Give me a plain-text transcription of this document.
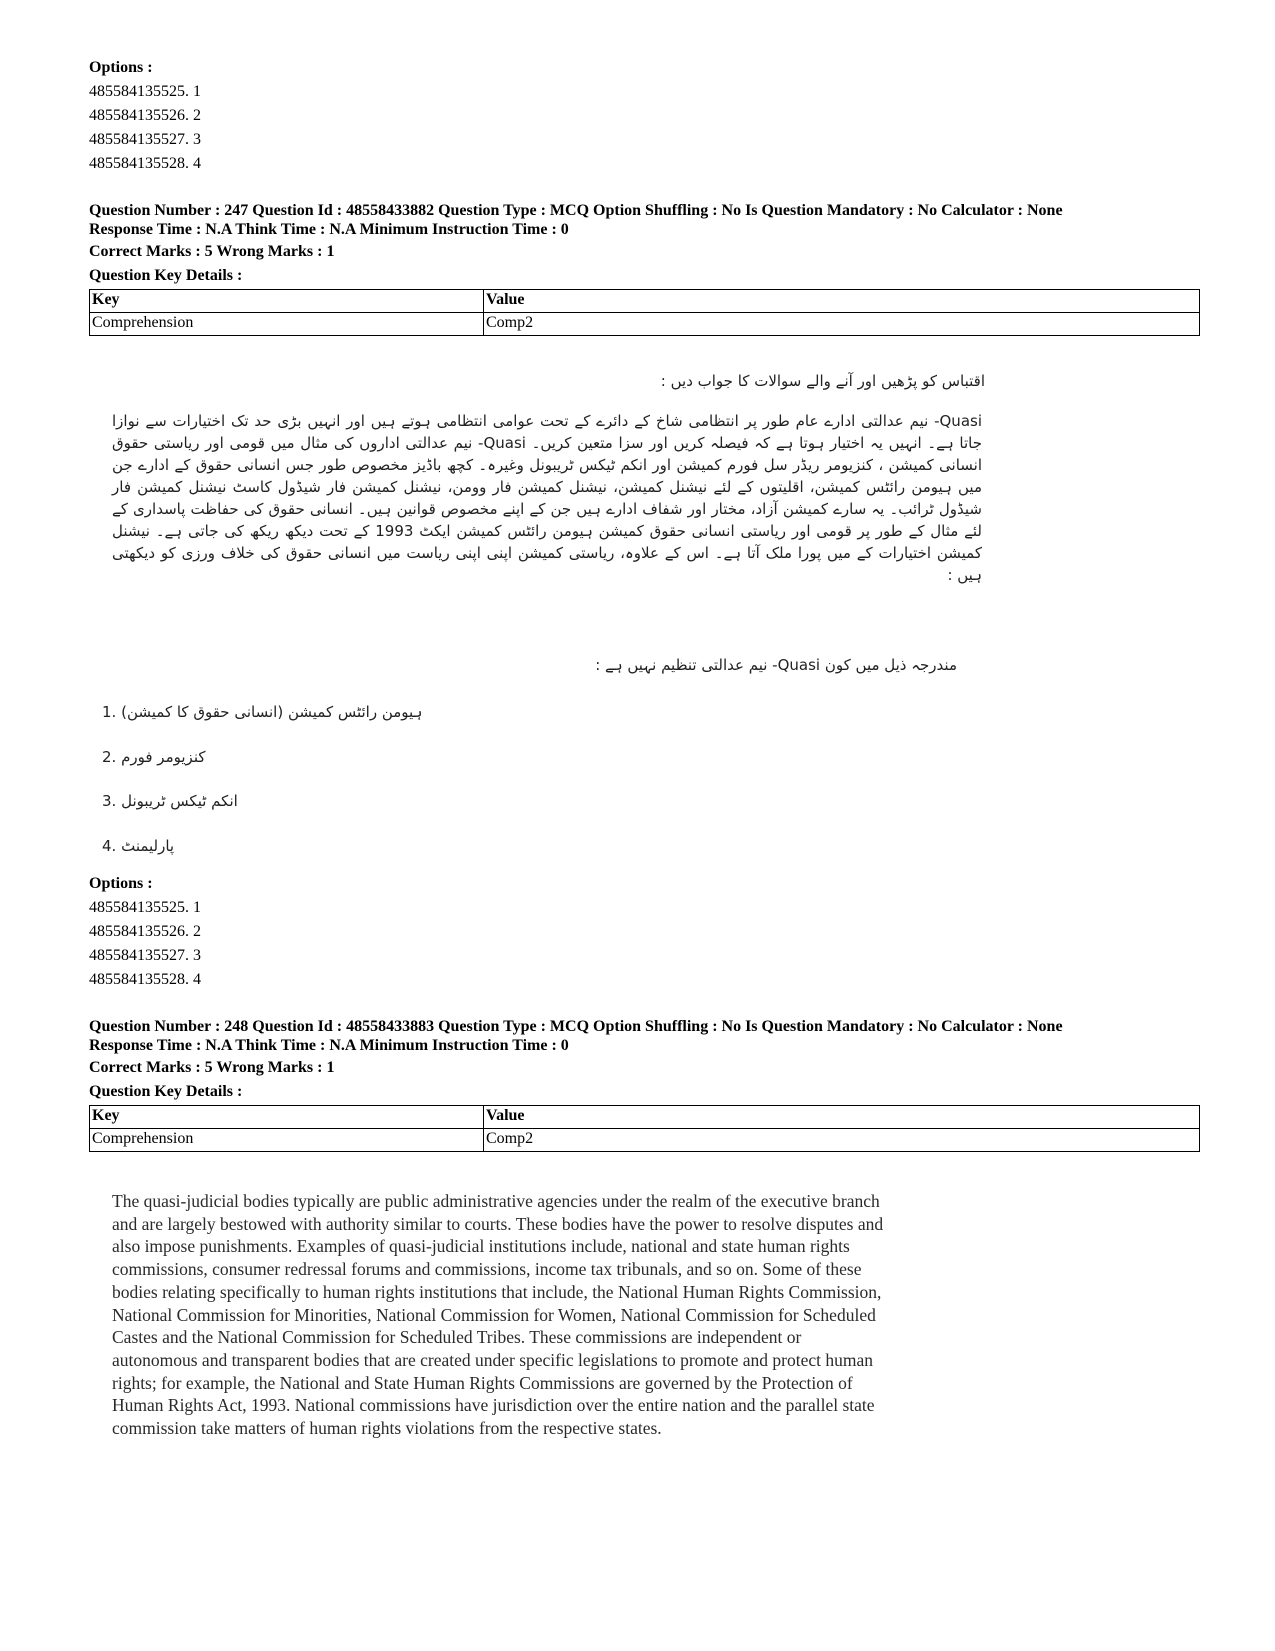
Options :
485584135525. 1
485584135526. 2
485584135527. 3
485584135528. 4
Question Number : 247 Question Id : 48558433882 Question Type : MCQ Option Shuffling : No Is Question Mandatory : No Calculator : None
Response Time : N.A Think Time : N.A Minimum Instruction Time : 0
Correct Marks : 5 Wrong Marks : 1
Question Key Details :
Key	Value
Comprehension	Comp2
اقتباس کو پڑھیں اور آنے والے سوالات کا جواب دیں :
Quasi- نیم عدالتی ادارے عام طور پر انتظامی شاخ کے دائرے کے تحت عوامی انتظامی ہوتے ہیں اور انہیں بڑی حد تک اختیارات سے نوازا جاتا ہے۔ انہیں یہ اختیار ہوتا ہے کہ فیصلہ کریں اور سزا متعین کریں۔ Quasi- نیم عدالتی اداروں کی مثال میں قومی اور ریاستی حقوق انسانی کمیشن ، کنزیومر ریڈر سل فورم کمیشن اور انکم ٹیکس ٹریبونل وغیرہ۔ کچھ باڈیز مخصوص طور جس انسانی حقوق کے ادارے جن میں ہیومن رائٹس کمیشن، اقلیتوں کے لئے نیشنل کمیشن، نیشنل کمیشن فار وومن، نیشنل کمیشن فار شیڈول کاسٹ نیشنل کمیشن فار شیڈول ٹرائب۔ یہ سارے کمیشن آزاد، مختار اور شفاف ادارے ہیں جن کے اپنے مخصوص قوانین ہیں۔ انسانی حقوق کی حفاظت پاسداری کے لئے مثال کے طور پر قومی اور ریاستی انسانی حقوق کمیشن ہیومن رائٹس کمیشن ایکٹ 1993 کے تحت دیکھ ریکھ کی جاتی ہے۔ نیشنل کمیشن اختیارات کے میں پورا ملک آتا ہے۔ اس کے علاوہ، ریاستی کمیشن اپنی اپنی ریاست میں انسانی حقوق کی خلاف ورزی کو دیکھتی ہیں :
مندرجہ ذیل میں کون Quasi- نیم عدالتی تنظیم نہیں ہے :
1. ہیومن رائٹس کمیشن (انسانی حقوق کا کمیشن)
2. کنزیومر فورم
3. انکم ٹیکس ٹریبونل
4. پارلیمنٹ
Options :
485584135525. 1
485584135526. 2
485584135527. 3
485584135528. 4
Question Number : 248 Question Id : 48558433883 Question Type : MCQ Option Shuffling : No Is Question Mandatory : No Calculator : None
Response Time : N.A Think Time : N.A Minimum Instruction Time : 0
Correct Marks : 5 Wrong Marks : 1
Question Key Details :
Key	Value
Comprehension	Comp2
The quasi-judicial bodies typically are public administrative agencies under the realm of the executive branch
and are largely bestowed with authority similar to courts. These bodies have the power to resolve disputes and
also impose punishments. Examples of quasi-judicial institutions include, national and state human rights
commissions, consumer redressal forums and commissions, income tax tribunals, and so on. Some of these
bodies relating specifically to human rights institutions that include, the National Human Rights Commission,
National Commission for Minorities, National Commission for Women, National Commission for Scheduled
Castes and the National Commission for Scheduled Tribes. These commissions are independent or
autonomous and transparent bodies that are created under specific legislations to promote and protect human
rights; for example, the National and State Human Rights Commissions are governed by the Protection of
Human Rights Act, 1993. National commissions have jurisdiction over the entire nation and the parallel state
commission take matters of human rights violations from the respective states.
